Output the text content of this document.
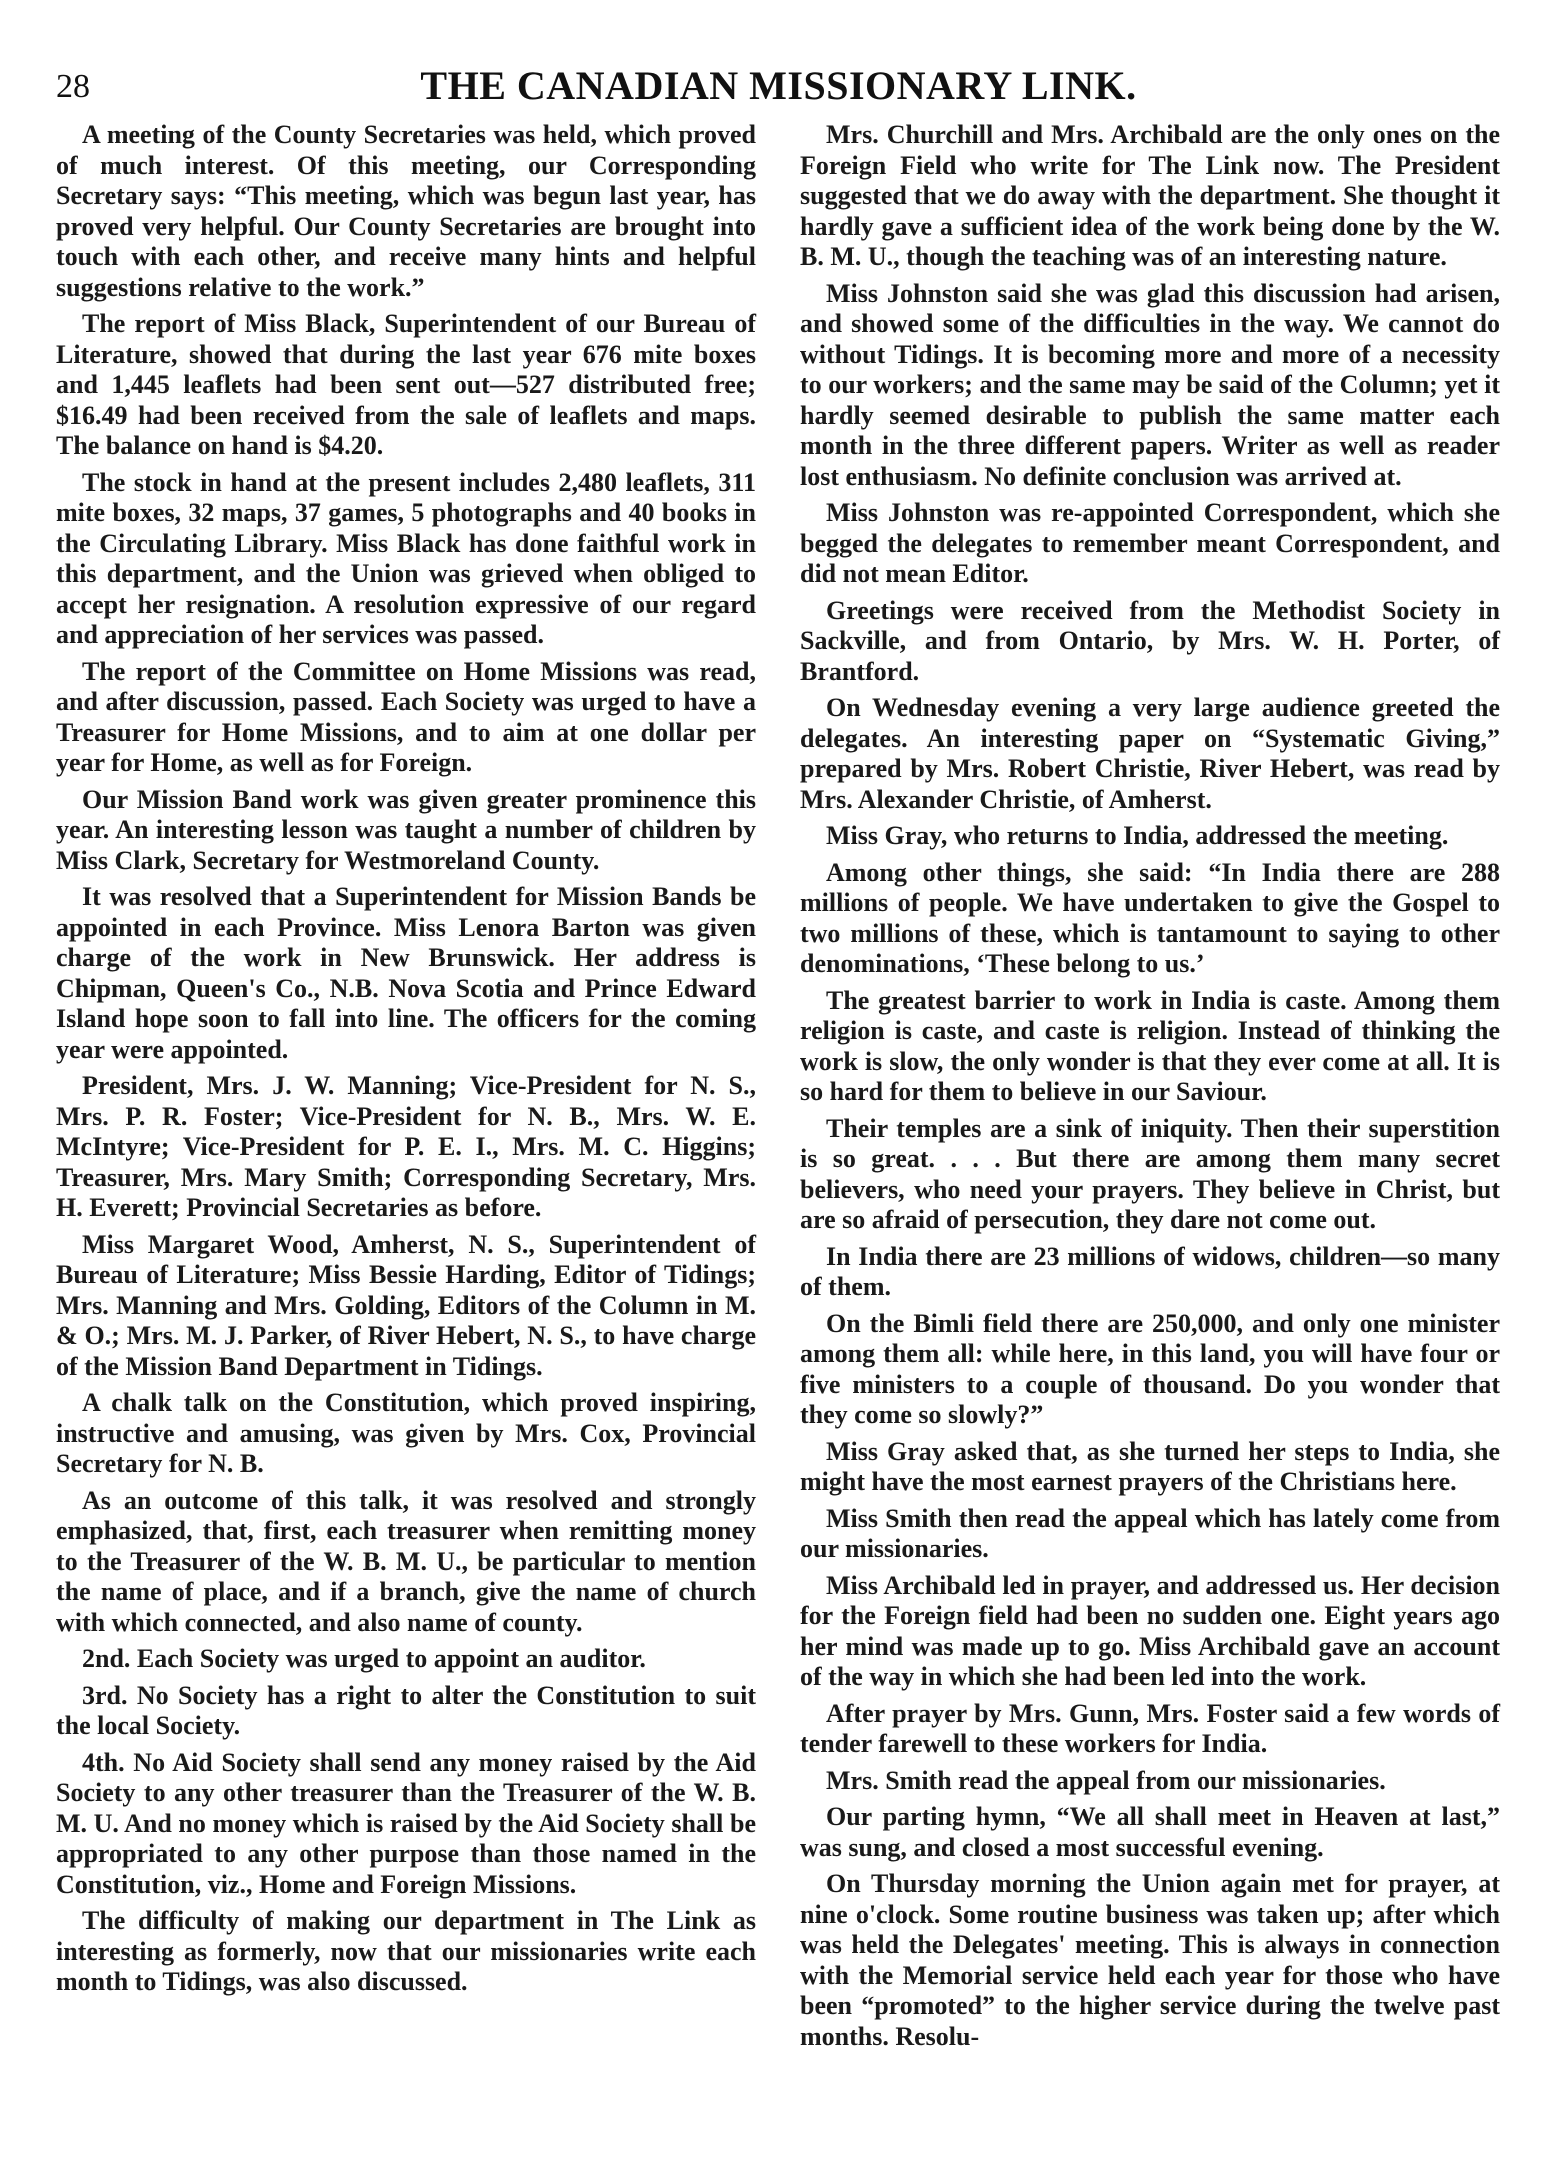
28	THE CANADIAN MISSIONARY LINK.

A meeting of the County Secretaries was held, which proved of much interest. Of this meeting, our Corresponding Secretary says: “This meeting, which was begun last year, has proved very helpful. Our County Secretaries are brought into touch with each other, and receive many hints and helpful suggestions relative to the work.”

The report of Miss Black, Superintendent of our Bureau of Literature, showed that during the last year 676 mite boxes and 1,445 leaflets had been sent out—527 distributed free; $16.49 had been received from the sale of leaflets and maps. The balance on hand is $4.20.

The stock in hand at the present includes 2,480 leaflets, 311 mite boxes, 32 maps, 37 games, 5 photographs and 40 books in the Circulating Library. Miss Black has done faithful work in this department, and the Union was grieved when obliged to accept her resignation. A resolution expressive of our regard and appreciation of her services was passed.

The report of the Committee on Home Missions was read, and after discussion, passed. Each Society was urged to have a Treasurer for Home Missions, and to aim at one dollar per year for Home, as well as for Foreign.

Our Mission Band work was given greater prominence this year. An interesting lesson was taught a number of children by Miss Clark, Secretary for Westmoreland County.

It was resolved that a Superintendent for Mission Bands be appointed in each Province. Miss Lenora Barton was given charge of the work in New Brunswick. Her address is Chipman, Queen's Co., N.B. Nova Scotia and Prince Edward Island hope soon to fall into line. The officers for the coming year were appointed.

President, Mrs. J. W. Manning; Vice-President for N. S., Mrs. P. R. Foster; Vice-President for N. B., Mrs. W. E. McIntyre; Vice-President for P. E. I., Mrs. M. C. Higgins; Treasurer, Mrs. Mary Smith; Corresponding Secretary, Mrs. H. Everett; Provincial Secretaries as before.

Miss Margaret Wood, Amherst, N. S., Superintendent of Bureau of Literature; Miss Bessie Harding, Editor of Tidings; Mrs. Manning and Mrs. Golding, Editors of the Column in M. & O.; Mrs. M. J. Parker, of River Hebert, N. S., to have charge of the Mission Band Department in Tidings.

A chalk talk on the Constitution, which proved inspiring, instructive and amusing, was given by Mrs. Cox, Provincial Secretary for N. B.

As an outcome of this talk, it was resolved and strongly emphasized, that, first, each treasurer when remitting money to the Treasurer of the W. B. M. U., be particular to mention the name of place, and if a branch, give the name of church with which connected, and also name of county.

2nd. Each Society was urged to appoint an auditor.

3rd. No Society has a right to alter the Constitution to suit the local Society.

4th. No Aid Society shall send any money raised by the Aid Society to any other treasurer than the Treasurer of the W. B. M. U. And no money which is raised by the Aid Society shall be appropriated to any other purpose than those named in the Constitution, viz., Home and Foreign Missions.

The difficulty of making our department in The Link as interesting as formerly, now that our missionaries write each month to Tidings, was also discussed.

Mrs. Churchill and Mrs. Archibald are the only ones on the Foreign Field who write for The Link now. The President suggested that we do away with the department. She thought it hardly gave a sufficient idea of the work being done by the W. B. M. U., though the teaching was of an interesting nature.

Miss Johnston said she was glad this discussion had arisen, and showed some of the difficulties in the way. We cannot do without Tidings. It is becoming more and more of a necessity to our workers; and the same may be said of the Column; yet it hardly seemed desirable to publish the same matter each month in the three different papers. Writer as well as reader lost enthusiasm. No definite conclusion was arrived at.

Miss Johnston was re-appointed Correspondent, which she begged the delegates to remember meant Correspondent, and did not mean Editor.

Greetings were received from the Methodist Society in Sackville, and from Ontario, by Mrs. W. H. Porter, of Brantford.

On Wednesday evening a very large audience greeted the delegates. An interesting paper on “Systematic Giving,” prepared by Mrs. Robert Christie, River Hebert, was read by Mrs. Alexander Christie, of Amherst.

Miss Gray, who returns to India, addressed the meeting.

Among other things, she said: “In India there are 288 millions of people. We have undertaken to give the Gospel to two millions of these, which is tantamount to saying to other denominations, ‘These belong to us.’

The greatest barrier to work in India is caste. Among them religion is caste, and caste is religion. Instead of thinking the work is slow, the only wonder is that they ever come at all. It is so hard for them to believe in our Saviour.

Their temples are a sink of iniquity. Then their superstition is so great. . . . But there are among them many secret believers, who need your prayers. They believe in Christ, but are so afraid of persecution, they dare not come out.

In India there are 23 millions of widows, children—so many of them.

On the Bimli field there are 250,000, and only one minister among them all: while here, in this land, you will have four or five ministers to a couple of thousand. Do you wonder that they come so slowly?”

Miss Gray asked that, as she turned her steps to India, she might have the most earnest prayers of the Christians here.

Miss Smith then read the appeal which has lately come from our missionaries.

Miss Archibald led in prayer, and addressed us. Her decision for the Foreign field had been no sudden one. Eight years ago her mind was made up to go. Miss Archibald gave an account of the way in which she had been led into the work.

After prayer by Mrs. Gunn, Mrs. Foster said a few words of tender farewell to these workers for India.

Mrs. Smith read the appeal from our missionaries.

Our parting hymn, “We all shall meet in Heaven at last,” was sung, and closed a most successful evening.

On Thursday morning the Union again met for prayer, at nine o'clock. Some routine business was taken up; after which was held the Delegates' meeting. This is always in connection with the Memorial service held each year for those who have been “promoted” to the higher service during the twelve past months. Resolu-
